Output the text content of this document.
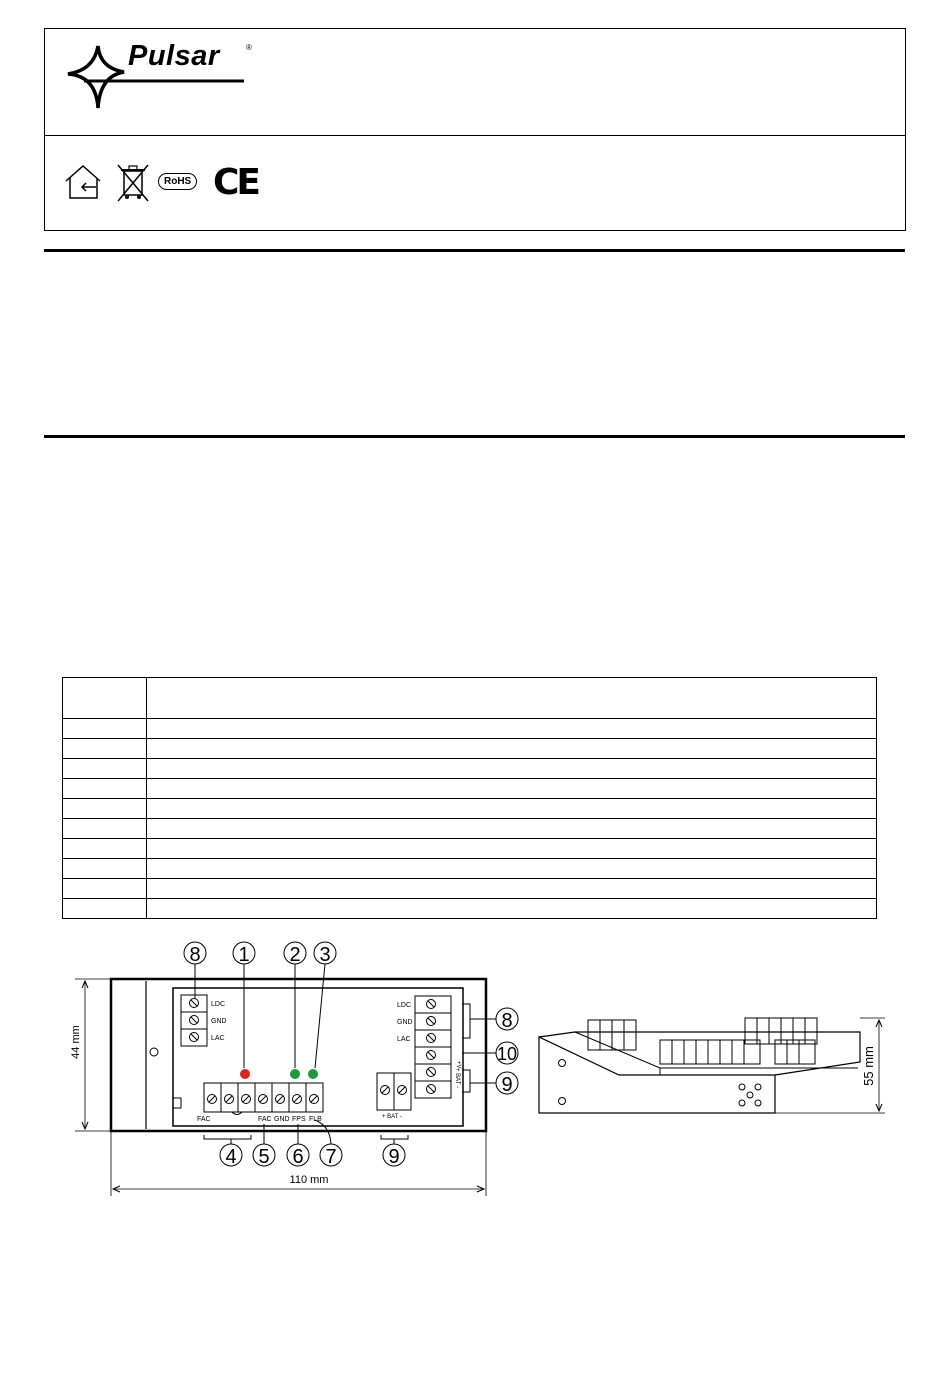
Pulsar	®
RoHS CE

LDC
GND
LAC
LDC
GND
LAC
+V
+ BAT -
FAC	FAC GND FPS FLB	+ BAT -
8 1 2 3
8
10
9
4 5 6 7	9
44 mm
110 mm
55 mm
